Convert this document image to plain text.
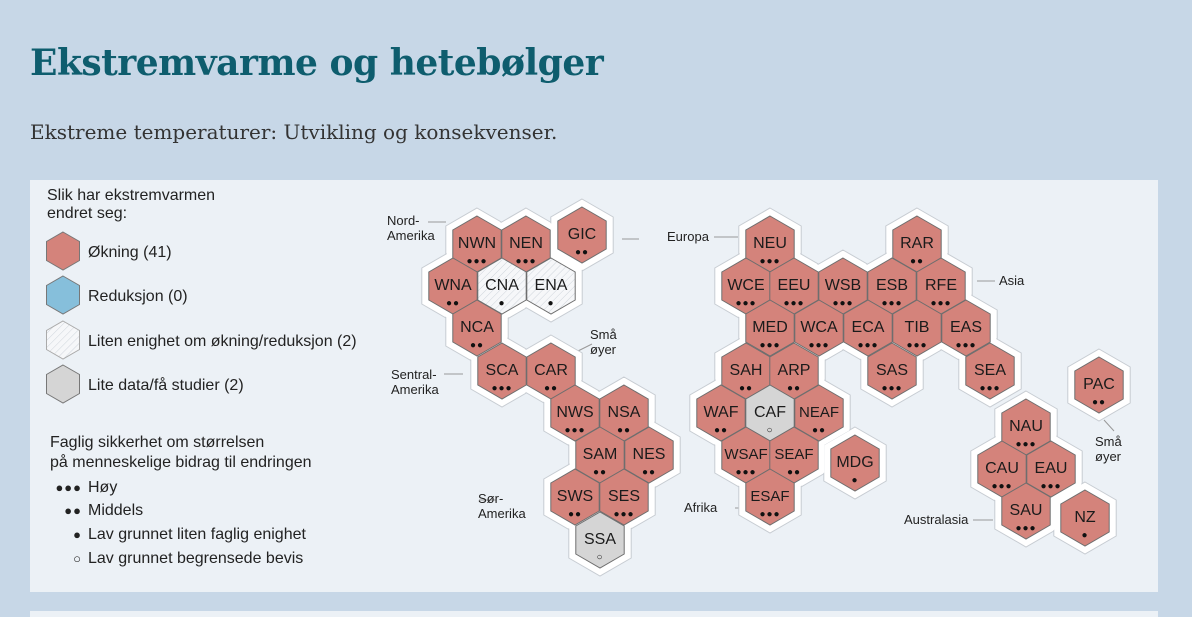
Ekstremvarme og hetebølger

Ekstreme temperaturer: Utvikling og konsekvenser.

Slik har ekstremvarmen
endret seg:
Økning (41)
Reduksjon (0)
Liten enighet om økning/reduksjon (2)
Lite data/få studier (2)
Faglig sikkerhet om størrelsen
på menneskelige bidrag til endringen
●●● Høy
●● Middels
● Lav grunnet liten faglig enighet
○ Lav grunnet begrensede bevis
NWN
●●●
NEN
●●●
GIC
●●
WNA
●●
CNA
●
ENA
●
NCA
●●
SCA
●●●
CAR
●●
NWS
●●●
NSA
●●
SAM
●●
NES
●●
SWS
●●
SES
●●●
SSA
○
NEU
●●●
RAR
●●
WCE
●●●
EEU
●●●
WSB
●●●
ESB
●●●
RFE
●●●
MED
●●●
WCA
●●●
ECA
●●●
TIB
●●●
EAS
●●●
SAH
●●
ARP
●●
SAS
●●●
SEA
●●●
WAF
●●
CAF
○
NEAF
●●
WSAF
●●●
SEAF
●●
MDG
●
ESAF
●●●
PAC
●●
NAU
●●●
CAU
●●●
EAU
●●●
SAU
●●●
NZ
●
Nord-
Amerika
Sentral-
Amerika
Små
øyer
Sør-
Amerika
Europa
Asia
Afrika
Australasia
Små
øyer
